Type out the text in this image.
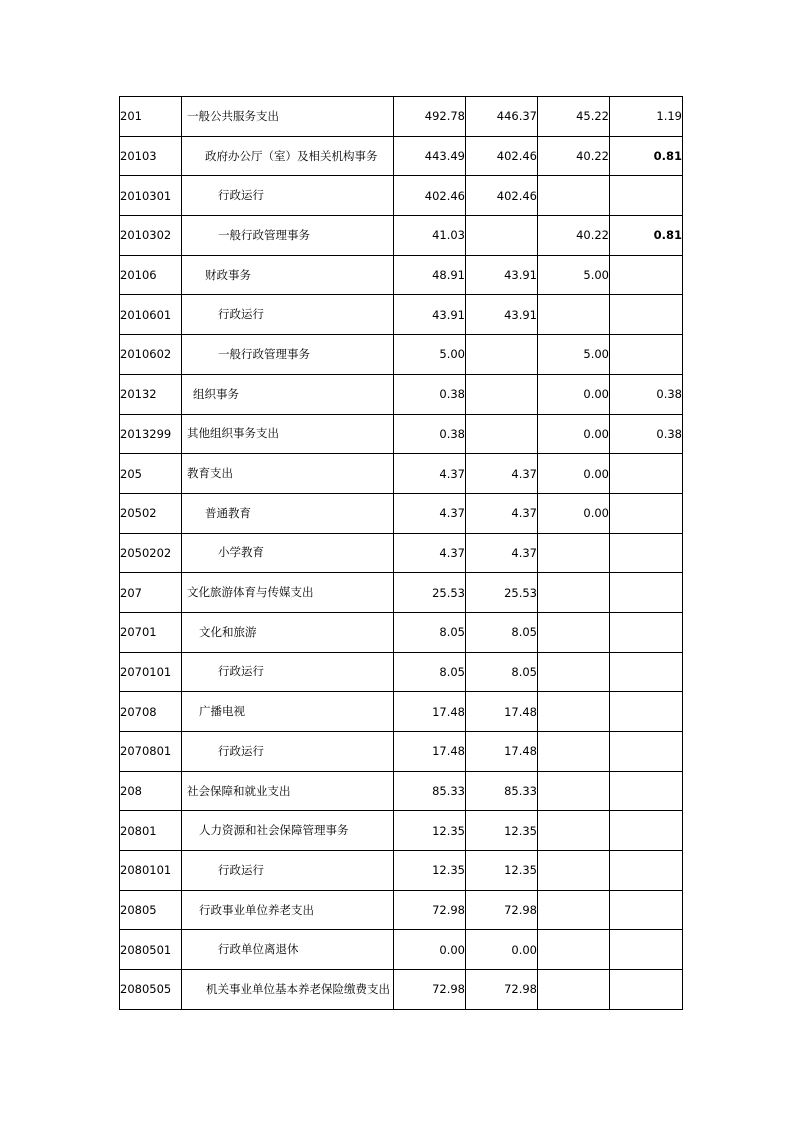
201	一般公共服务支出	492.78	446.37	45.22	1.19
20103	政府办公厅（室）及相关机构事务	443.49	402.46	40.22	0.81
2010301	行政运行	402.46	402.46		
2010302	一般行政管理事务	41.03		40.22	0.81
20106	财政事务	48.91	43.91	5.00	
2010601	行政运行	43.91	43.91		
2010602	一般行政管理事务	5.00		5.00	
20132	组织事务	0.38		0.00	0.38
2013299	其他组织事务支出	0.38		0.00	0.38
205	教育支出	4.37	4.37	0.00	
20502	普通教育	4.37	4.37	0.00	
2050202	小学教育	4.37	4.37		
207	文化旅游体育与传媒支出	25.53	25.53		
20701	文化和旅游	8.05	8.05		
2070101	行政运行	8.05	8.05		
20708	广播电视	17.48	17.48		
2070801	行政运行	17.48	17.48		
208	社会保障和就业支出	85.33	85.33		
20801	人力资源和社会保障管理事务	12.35	12.35		
2080101	行政运行	12.35	12.35		
20805	行政事业单位养老支出	72.98	72.98		
2080501	行政单位离退休	0.00	0.00		
2080505	机关事业单位基本养老保险缴费支出	72.98	72.98		
